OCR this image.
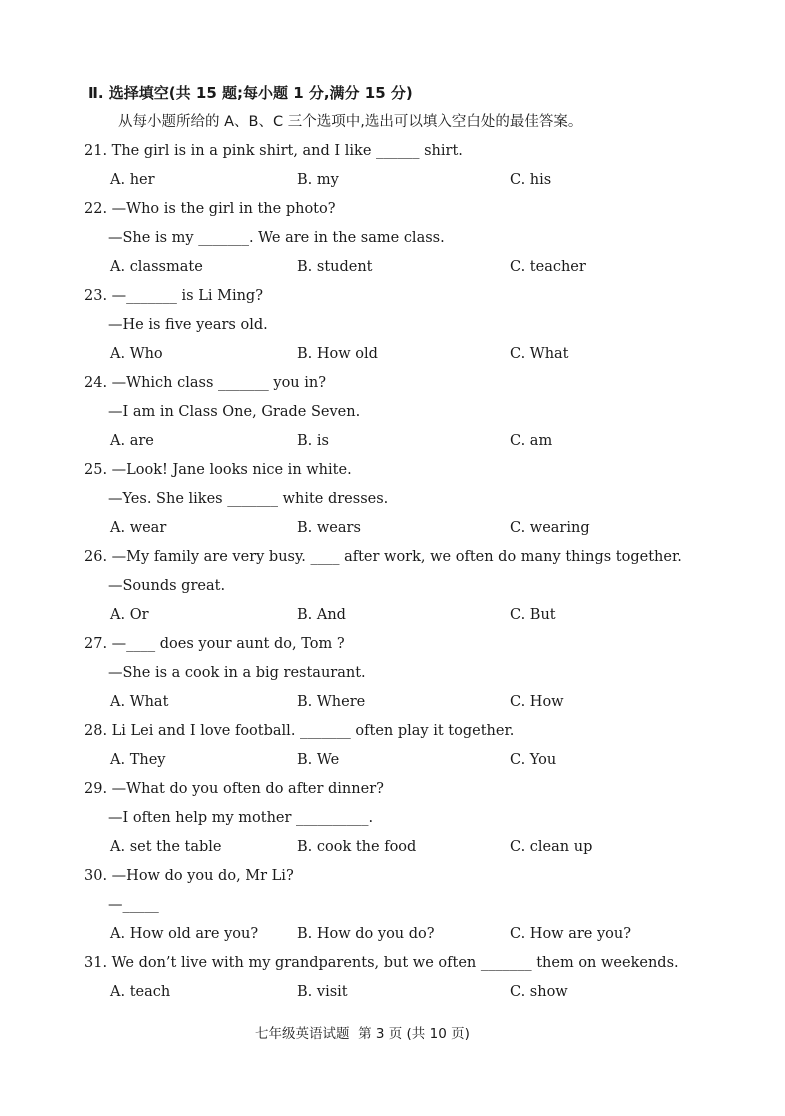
Ⅱ. 选择填空(共 15 题;每小题 1 分,满分 15 分)
从每小题所给的 A、B、C 三个选项中,选出可以填入空白处的最佳答案。
21. The girl is in a pink shirt, and I like ______ shirt.
A. her	B. my	C. his
22. —Who is the girl in the photo?
—She is my _______. We are in the same class.
A. classmate	B. student	C. teacher
23. —_______ is Li Ming?
—He is five years old.
A. Who	B. How old	C. What
24. —Which class _______ you in?
—I am in Class One, Grade Seven.
A. are	B. is	C. am
25. —Look! Jane looks nice in white.
—Yes. She likes _______ white dresses.
A. wear	B. wears	C. wearing
26. —My family are very busy. ____ after work, we often do many things together.
—Sounds great.
A. Or	B. And	C. But
27. —____ does your aunt do, Tom ?
—She is a cook in a big restaurant.
A. What	B. Where	C. How
28. Li Lei and I love football. _______ often play it together.
A. They	B. We	C. You
29. —What do you often do after dinner?
—I often help my mother __________.
A. set the table	B. cook the food	C. clean up
30. —How do you do, Mr Li?
—_____
A. How old are you?	B. How do you do?	C. How are you?
31. We don’t live with my grandparents, but we often _______ them on weekends.
A. teach	B. visit	C. show
七年级英语试题  第 3 页 (共 10 页)
